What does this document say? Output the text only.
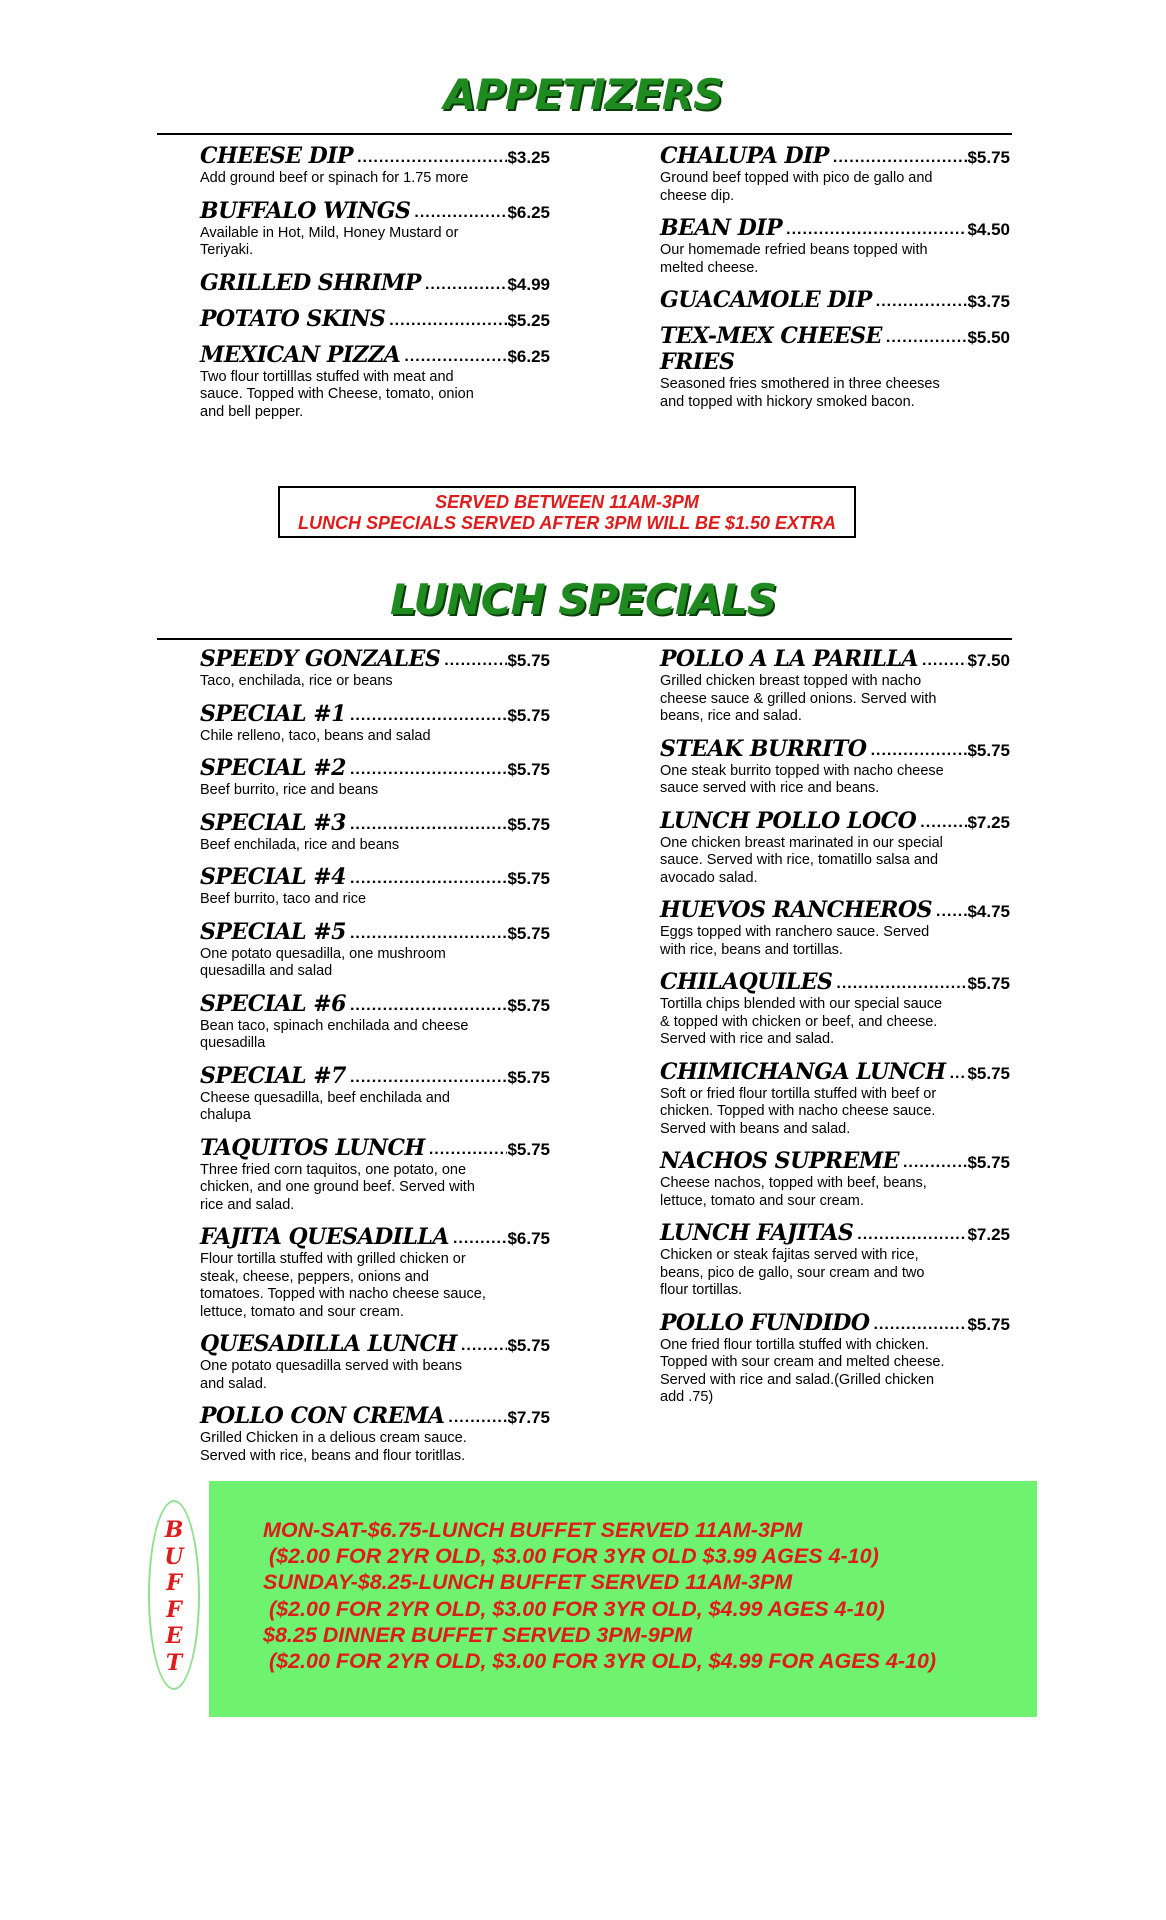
APPETIZERS
CHEESE DIP .....	$3.25
Add ground beef or spinach for 1.75 more
BUFFALO WINGS .....	$6.25
Available in Hot, Mild, Honey Mustard or Teriyaki.
GRILLED SHRIMP .....	$4.99
POTATO SKINS .....	$5.25
MEXICAN PIZZA .....	$6.25
Two flour tortilllas stuffed with meat and sauce. Topped with Cheese, tomato, onion and bell pepper.
CHALUPA DIP .....	$5.75
Ground beef topped with pico de gallo and cheese dip.
BEAN DIP .....	$4.50
Our homemade refried beans topped with melted cheese.
GUACAMOLE DIP .....	$3.75
TEX-MEX CHEESE .....	$5.50
FRIES
Seasoned fries smothered in three cheeses and topped with hickory smoked bacon.
SERVED BETWEEN 11AM-3PM
LUNCH SPECIALS SERVED AFTER 3PM WILL BE $1.50 EXTRA
LUNCH SPECIALS
SPEEDY GONZALES .....	$5.75
Taco, enchilada, rice or beans
SPECIAL #1 .....	$5.75
Chile relleno, taco, beans and salad
SPECIAL #2 .....	$5.75
Beef burrito, rice and beans
SPECIAL #3 .....	$5.75
Beef enchilada, rice and beans
SPECIAL #4 .....	$5.75
Beef burrito, taco and rice
SPECIAL #5 .....	$5.75
One potato quesadilla, one mushroom quesadilla and salad
SPECIAL #6 .....	$5.75
Bean taco, spinach enchilada and cheese quesadilla
SPECIAL #7 .....	$5.75
Cheese quesadilla, beef enchilada and chalupa
TAQUITOS LUNCH .....	$5.75
Three fried corn taquitos, one potato, one chicken, and one ground beef. Served with rice and salad.
FAJITA QUESADILLA .....	$6.75
Flour tortilla stuffed with grilled chicken or steak, cheese, peppers, onions and tomatoes. Topped with nacho cheese sauce, lettuce, tomato and sour cream.
QUESADILLA LUNCH .....	$5.75
One potato quesadilla served with beans and salad.
POLLO CON CREMA .....	$7.75
Grilled Chicken in a delious cream sauce. Served with rice, beans and flour toritllas.
POLLO A LA PARILLA .....	$7.50
Grilled chicken breast topped with nacho cheese sauce & grilled onions. Served with beans, rice and salad.
STEAK BURRITO .....	$5.75
One steak burrito topped with nacho cheese sauce served with rice and beans.
LUNCH POLLO LOCO .....	$7.25
One chicken breast marinated in our special sauce. Served with rice, tomatillo salsa and avocado salad.
HUEVOS RANCHEROS ..... $4.75
Eggs topped with ranchero sauce. Served with rice, beans and tortillas.
CHILAQUILES .....	$5.75
Tortilla chips blended with our special sauce & topped with chicken or beef, and cheese. Served with rice and salad.
CHIMICHANGA LUNCH ..... $5.75
Soft or fried flour tortilla stuffed with beef or chicken. Topped with nacho cheese sauce. Served with beans and salad.
NACHOS SUPREME .....	$5.75
Cheese nachos, topped with beef, beans, lettuce, tomato and sour cream.
LUNCH FAJITAS .....	$7.25
Chicken or steak fajitas served with rice, beans, pico de gallo, sour cream and two flour tortillas.
POLLO FUNDIDO .....	$5.75
One fried flour tortilla stuffed with chicken. Topped with sour cream and melted cheese. Served with rice and salad.(Grilled chicken add .75)
B
U
F
F
E
T
MON-SAT-$6.75-LUNCH BUFFET SERVED 11AM-3PM
($2.00 FOR 2YR OLD, $3.00 FOR 3YR OLD $3.99 AGES 4-10)
SUNDAY-$8.25-LUNCH BUFFET SERVED 11AM-3PM
($2.00 FOR 2YR OLD, $3.00 FOR 3YR OLD, $4.99 AGES 4-10)
$8.25 DINNER BUFFET SERVED 3PM-9PM
($2.00 FOR 2YR OLD, $3.00 FOR 3YR OLD, $4.99 FOR AGES 4-10)
